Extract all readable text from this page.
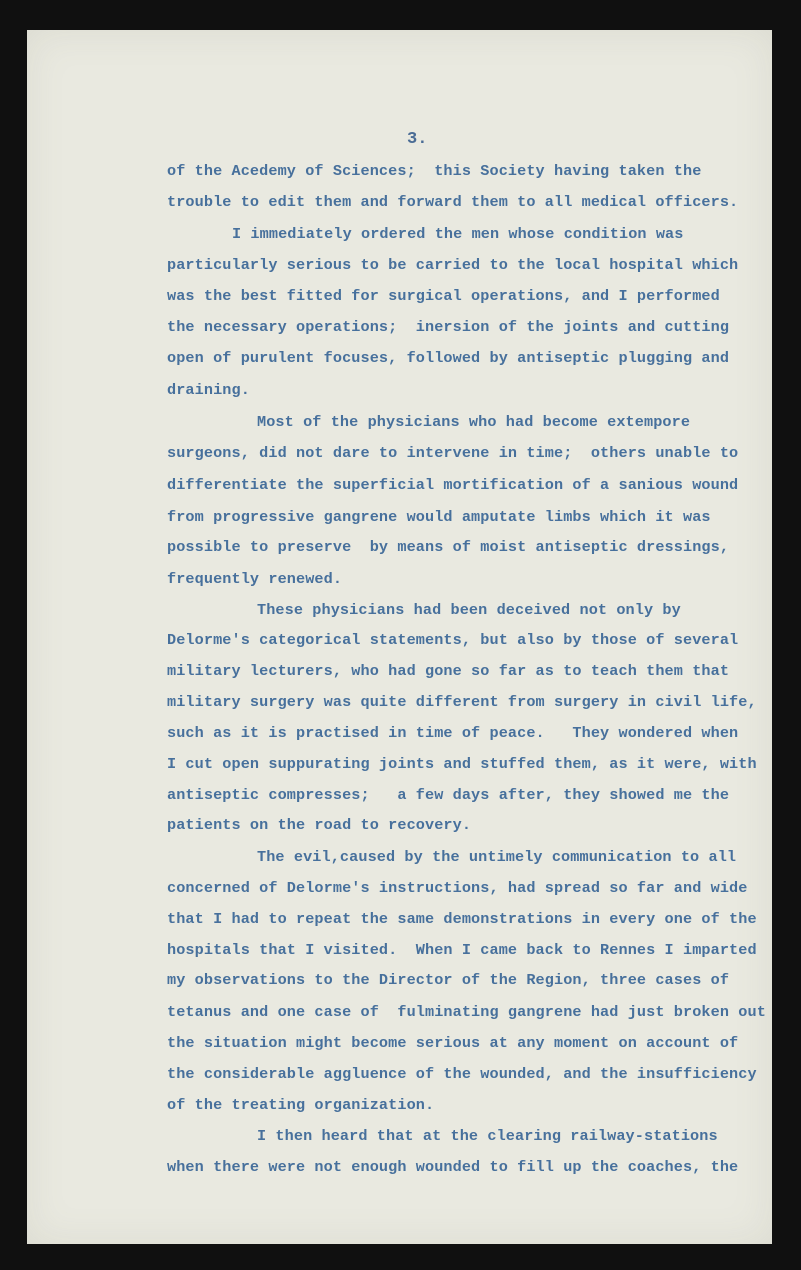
3.
of the Acedemy of Sciences;  this Society having taken the
trouble to edit them and forward them to all medical officers.
I immediately ordered the men whose condition was
particularly serious to be carried to the local hospital which
was the best fitted for surgical operations, and I performed
the necessary operations;  inersion of the joints and cutting
open of purulent focuses, followed by antiseptic plugging and
draining.
Most of the physicians who had become extempore
surgeons, did not dare to intervene in time;  others unable to
differentiate the superficial mortification of a sanious wound
from progressive gangrene would amputate limbs which it was
possible to preserve  by means of moist antiseptic dressings,
frequently renewed.
These physicians had been deceived not only by
Delorme's categorical statements, but also by those of several
military lecturers, who had gone so far as to teach them that
military surgery was quite different from surgery in civil life,
such as it is practised in time of peace.   They wondered when
I cut open suppurating joints and stuffed them, as it were, with
antiseptic compresses;   a few days after, they showed me the
patients on the road to recovery.
The evil,caused by the untimely communication to all
concerned of Delorme's instructions, had spread so far and wide
that I had to repeat the same demonstrations in every one of the
hospitals that I visited.  When I came back to Rennes I imparted
my observations to the Director of the Region, three cases of
tetanus and one case of  fulminating gangrene had just broken out
the situation might become serious at any moment on account of
the considerable aggluence of the wounded, and the insufficiency
of the treating organization.
I then heard that at the clearing railway-stations
when there were not enough wounded to fill up the coaches, the
